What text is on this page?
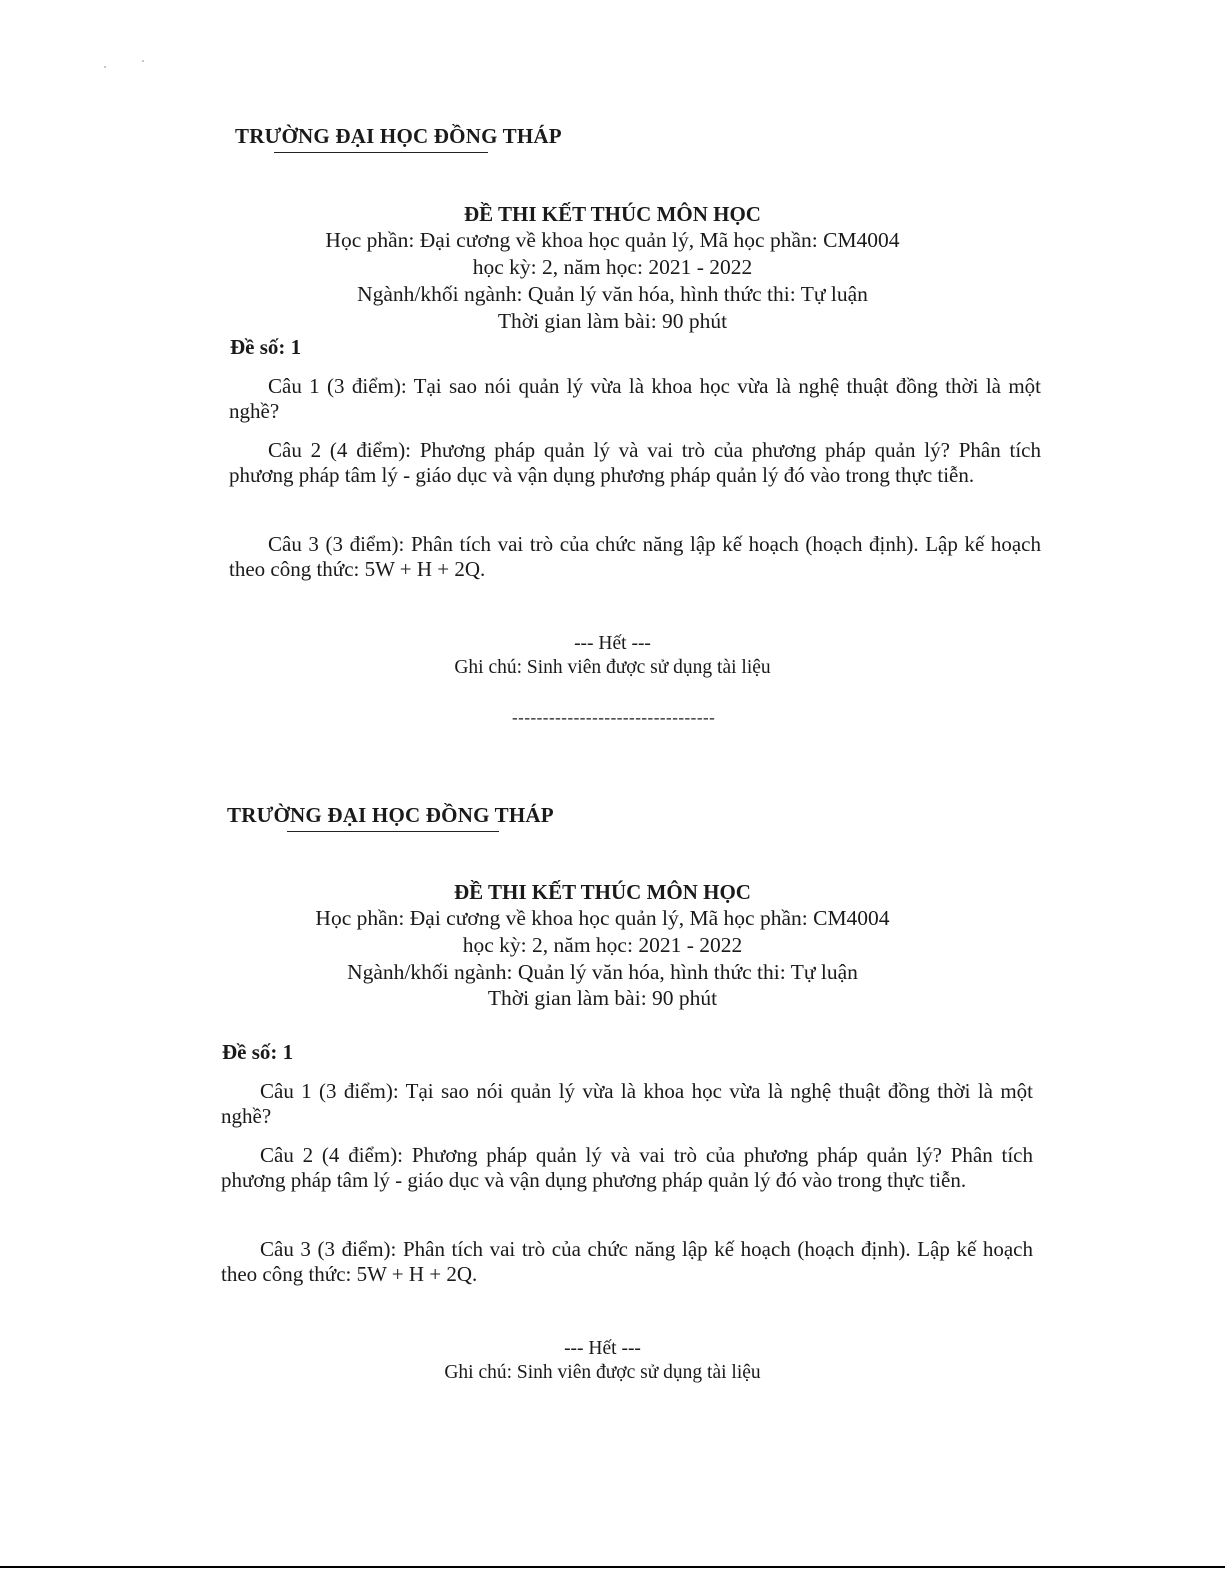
TRƯỜNG ĐẠI HỌC ĐỒNG THÁP
ĐỀ THI KẾT THÚC MÔN HỌC
Học phần: Đại cương về khoa học quản lý, Mã học phần: CM4004
học kỳ: 2, năm học: 2021 - 2022
Ngành/khối ngành: Quản lý văn hóa, hình thức thi: Tự luận
Thời gian làm bài: 90 phút
Đề số: 1
Câu 1 (3 điểm): Tại sao nói quản lý vừa là khoa học vừa là nghệ thuật đồng thời là một nghề?
Câu 2 (4 điểm): Phương pháp quản lý và vai trò của phương pháp quản lý? Phân tích phương pháp tâm lý - giáo dục và vận dụng phương pháp quản lý đó vào trong thực tiễn.
Câu 3 (3 điểm): Phân tích vai trò của chức năng lập kế hoạch (hoạch định). Lập kế hoạch theo công thức: 5W + H + 2Q.
--- Hết ---
Ghi chú: Sinh viên được sử dụng tài liệu
---------------------------------
TRƯỜNG ĐẠI HỌC ĐỒNG THÁP
ĐỀ THI KẾT THÚC MÔN HỌC
Học phần: Đại cương về khoa học quản lý, Mã học phần: CM4004
học kỳ: 2, năm học: 2021 - 2022
Ngành/khối ngành: Quản lý văn hóa, hình thức thi: Tự luận
Thời gian làm bài: 90 phút
Đề số: 1
Câu 1 (3 điểm): Tại sao nói quản lý vừa là khoa học vừa là nghệ thuật đồng thời là một nghề?
Câu 2 (4 điểm): Phương pháp quản lý và vai trò của phương pháp quản lý? Phân tích phương pháp tâm lý - giáo dục và vận dụng phương pháp quản lý đó vào trong thực tiễn.
Câu 3 (3 điểm): Phân tích vai trò của chức năng lập kế hoạch (hoạch định). Lập kế hoạch theo công thức: 5W + H + 2Q.
--- Hết ---
Ghi chú: Sinh viên được sử dụng tài liệu
